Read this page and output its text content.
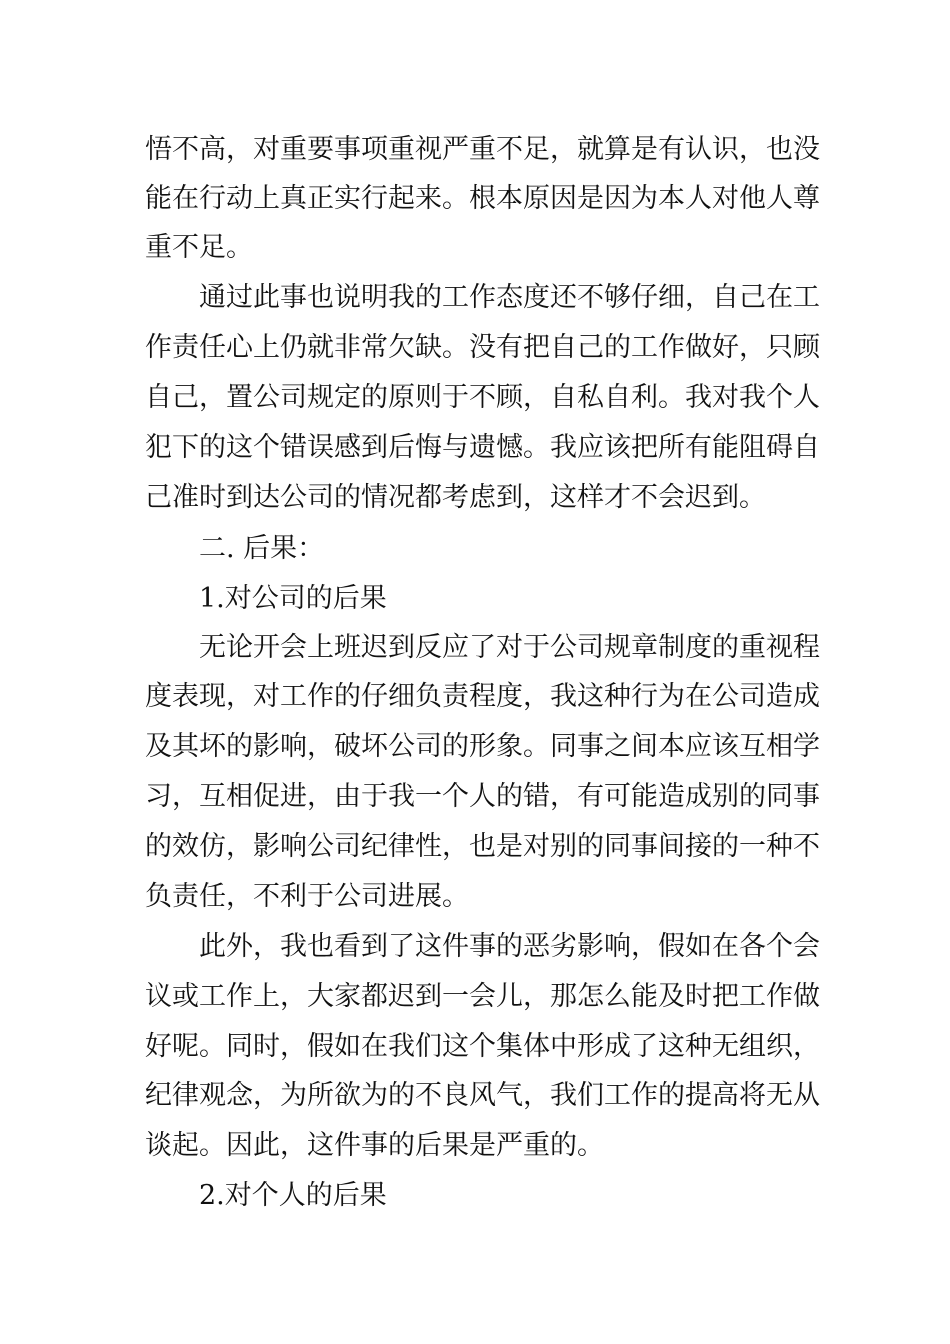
悟不高，对重要事项重视严重不足，就算是有认识，也没

能在行动上真正实行起来。根本原因是因为本人对他人尊

重不足。

通过此事也说明我的工作态度还不够仔细，自己在工

作责任心上仍就非常欠缺。没有把自己的工作做好，只顾

自己，置公司规定的原则于不顾，自私自利。我对我个人

犯下的这个错误感到后悔与遗憾。我应该把所有能阻碍自

己准时到达公司的情况都考虑到，这样才不会迟到。

二. 后果：

1.对公司的后果

无论开会上班迟到反应了对于公司规章制度的重视程

度表现，对工作的仔细负责程度，我这种行为在公司造成

及其坏的影响，破坏公司的形象。同事之间本应该互相学

习，互相促进，由于我一个人的错，有可能造成别的同事

的效仿，影响公司纪律性，也是对别的同事间接的一种不

负责任，不利于公司进展。

此外，我也看到了这件事的恶劣影响，假如在各个会

议或工作上，大家都迟到一会儿，那怎么能及时把工作做

好呢。同时，假如在我们这个集体中形成了这种无组织，

纪律观念，为所欲为的不良风气，我们工作的提高将无从

谈起。因此，这件事的后果是严重的。

2.对个人的后果
